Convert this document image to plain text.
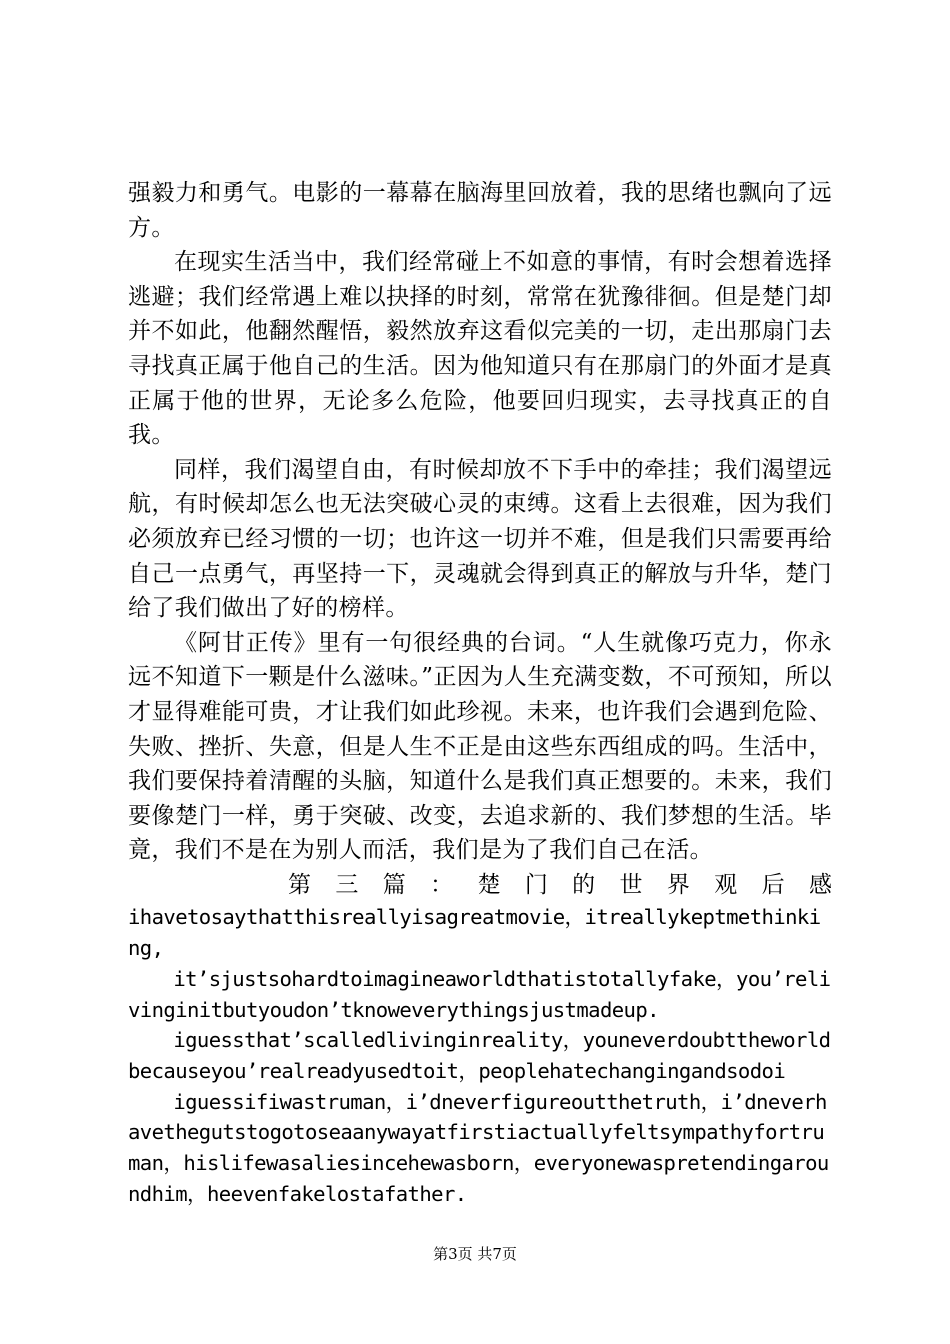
强毅力和勇气。电影的一幕幕在脑海里回放着，我的思绪也飘向了远方。

在现实生活当中，我们经常碰上不如意的事情，有时会想着选择逃避；我们经常遇上难以抉择的时刻，常常在犹豫徘徊。但是楚门却并不如此，他翻然醒悟，毅然放弃这看似完美的一切，走出那扇门去寻找真正属于他自己的生活。因为他知道只有在那扇门的外面才是真正属于他的世界，无论多么危险，他要回归现实，去寻找真正的自我。

同样，我们渴望自由，有时候却放不下手中的牵挂；我们渴望远航，有时候却怎么也无法突破心灵的束缚。这看上去很难，因为我们必须放弃已经习惯的一切；也许这一切并不难，但是我们只需要再给自己一点勇气，再坚持一下，灵魂就会得到真正的解放与升华，楚门给了我们做出了好的榜样。

《阿甘正传》里有一句很经典的台词。“人生就像巧克力，你永远不知道下一颗是什么滋味。”正因为人生充满变数，不可预知，所以才显得难能可贵，才让我们如此珍视。未来，也许我们会遇到危险、失败、挫折、失意，但是人生不正是由这些东西组成的吗。生活中，我们要保持着清醒的头脑，知道什么是我们真正想要的。未来，我们要像楚门一样，勇于突破、改变，去追求新的、我们梦想的生活。毕竟，我们不是在为别人而活，我们是为了我们自己在活。

第三篇：楚门的世界观后感

ihavetosaythatthisreallyisagreatmovie，itreallykeptmethinking,

it’sjustsohardtoimagineaworldthatistotallyfake，you’relivinginitbutyoudon’tknoweverythingsjustmadeup.

iguessthat’scalledlivinginreality，youneverdoubttheworldbecauseyou’realreadyusedtoit，peoplehatechangingandsodoi

iguessifiwastruman，i’dneverfigureoutthetruth，i’dneverhavethegutstogotoseaanywayatfirstiactuallyfeltsympathyfortruman，hislifewasaliesincehewasborn，everyonewaspretendingaroundhim，heevenfakelostafather.

第3页 共7页
